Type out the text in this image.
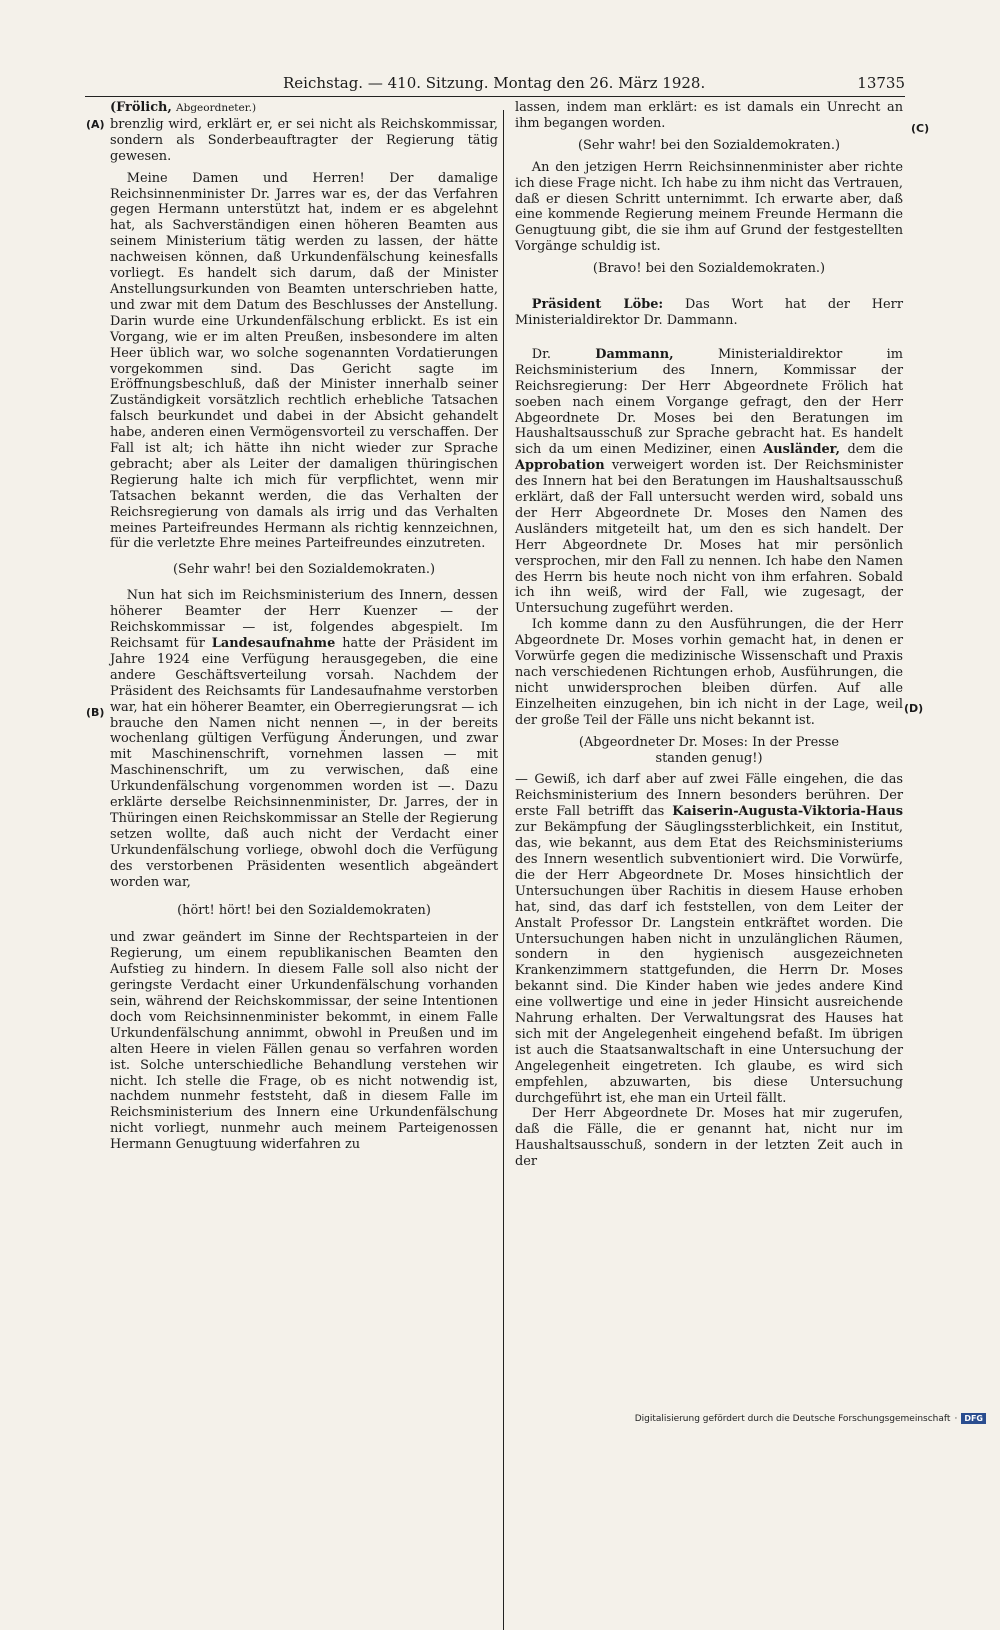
Reichstag. — 410. Sitzung. Montag den 26. März 1928.	13735
(A)
(B)
(C)
(D)

(Frölich, Abgeordneter.)

brenzlig wird, erklärt er, er sei nicht als Reichskommissar, sondern als Sonderbeauftragter der Regierung tätig gewesen.

Meine Damen und Herren! Der damalige Reichsinnenminister Dr. Jarres war es, der das Verfahren gegen Hermann unterstützt hat, indem er es abgelehnt hat, als Sachverständigen einen höheren Beamten aus seinem Ministerium tätig werden zu lassen, der hätte nachweisen können, daß Urkundenfälschung keinesfalls vorliegt. Es handelt sich darum, daß der Minister Anstellungsurkunden von Beamten unterschrieben hatte, und zwar mit dem Datum des Beschlusses der Anstellung. Darin wurde eine Urkundenfälschung erblickt. Es ist ein Vorgang, wie er im alten Preußen, insbesondere im alten Heer üblich war, wo solche sogenannten Vordatierungen vorgekommen sind. Das Gericht sagte im Eröffnungsbeschluß, daß der Minister innerhalb seiner Zuständigkeit vorsätzlich rechtlich erhebliche Tatsachen falsch beurkundet und dabei in der Absicht gehandelt habe, anderen einen Vermögensvorteil zu verschaffen. Der Fall ist alt; ich hätte ihn nicht wieder zur Sprache gebracht; aber als Leiter der damaligen thüringischen Regierung halte ich mich für verpflichtet, wenn mir Tatsachen bekannt werden, die das Verhalten der Reichsregierung von damals als irrig und das Verhalten meines Parteifreundes Hermann als richtig kennzeichnen, für die verletzte Ehre meines Parteifreundes einzutreten.

(Sehr wahr! bei den Sozialdemokraten.)

Nun hat sich im Reichsministerium des Innern, dessen höherer Beamter der Herr Kuenzer — der Reichskommissar — ist, folgendes abgespielt. Im Reichsamt für Landesaufnahme hatte der Präsident im Jahre 1924 eine Verfügung herausgegeben, die eine andere Geschäftsverteilung vorsah. Nachdem der Präsident des Reichsamts für Landesaufnahme verstorben war, hat ein höherer Beamter, ein Oberregierungsrat — ich brauche den Namen nicht nennen —, in der bereits wochenlang gültigen Verfügung Änderungen, und zwar mit Maschinenschrift, vornehmen lassen — mit Maschinenschrift, um zu verwischen, daß eine Urkundenfälschung vorgenommen worden ist —. Dazu erklärte derselbe Reichsinnenminister, Dr. Jarres, der in Thüringen einen Reichskommissar an Stelle der Regierung setzen wollte, daß auch nicht der Verdacht einer Urkundenfälschung vorliege, obwohl doch die Verfügung des verstorbenen Präsidenten wesentlich abgeändert worden war,

(hört! hört! bei den Sozialdemokraten)

und zwar geändert im Sinne der Rechtsparteien in der Regierung, um einem republikanischen Beamten den Aufstieg zu hindern. In diesem Falle soll also nicht der geringste Verdacht einer Urkundenfälschung vorhanden sein, während der Reichskommissar, der seine Intentionen doch vom Reichsinnenminister bekommt, in einem Falle Urkundenfälschung annimmt, obwohl in Preußen und im alten Heere in vielen Fällen genau so verfahren worden ist. Solche unterschiedliche Behandlung verstehen wir nicht. Ich stelle die Frage, ob es nicht notwendig ist, nachdem nunmehr feststeht, daß in diesem Falle im Reichsministerium des Innern eine Urkundenfälschung nicht vorliegt, nunmehr auch meinem Parteigenossen Hermann Genugtuung widerfahren zu

lassen, indem man erklärt: es ist damals ein Unrecht an ihm begangen worden.

(Sehr wahr! bei den Sozialdemokraten.)

An den jetzigen Herrn Reichsinnenminister aber richte ich diese Frage nicht. Ich habe zu ihm nicht das Vertrauen, daß er diesen Schritt unternimmt. Ich erwarte aber, daß eine kommende Regierung meinem Freunde Hermann die Genugtuung gibt, die sie ihm auf Grund der festgestellten Vorgänge schuldig ist.

(Bravo! bei den Sozialdemokraten.)

Präsident Löbe: Das Wort hat der Herr Ministerialdirektor Dr. Dammann.

Dr. Dammann, Ministerialdirektor im Reichsministerium des Innern, Kommissar der Reichsregierung: Der Herr Abgeordnete Frölich hat soeben nach einem Vorgange gefragt, den der Herr Abgeordnete Dr. Moses bei den Beratungen im Haushaltsausschuß zur Sprache gebracht hat. Es handelt sich da um einen Mediziner, einen Ausländer, dem die Approbation verweigert worden ist. Der Reichsminister des Innern hat bei den Beratungen im Haushaltsausschuß erklärt, daß der Fall untersucht werden wird, sobald uns der Herr Abgeordnete Dr. Moses den Namen des Ausländers mitgeteilt hat, um den es sich handelt. Der Herr Abgeordnete Dr. Moses hat mir persönlich versprochen, mir den Fall zu nennen. Ich habe den Namen des Herrn bis heute noch nicht von ihm erfahren. Sobald ich ihn weiß, wird der Fall, wie zugesagt, der Untersuchung zugeführt werden.

Ich komme dann zu den Ausführungen, die der Herr Abgeordnete Dr. Moses vorhin gemacht hat, in denen er Vorwürfe gegen die medizinische Wissenschaft und Praxis nach verschiedenen Richtungen erhob, Ausführungen, die nicht unwidersprochen bleiben dürfen. Auf alle Einzelheiten einzugehen, bin ich nicht in der Lage, weil der große Teil der Fälle uns nicht bekannt ist.

(Abgeordneter Dr. Moses: In der Presse standen genug!)

— Gewiß, ich darf aber auf zwei Fälle eingehen, die das Reichsministerium des Innern besonders berühren. Der erste Fall betrifft das Kaiserin-Augusta-Viktoria-Haus zur Bekämpfung der Säuglingssterblichkeit, ein Institut, das, wie bekannt, aus dem Etat des Reichsministeriums des Innern wesentlich subventioniert wird. Die Vorwürfe, die der Herr Abgeordnete Dr. Moses hinsichtlich der Untersuchungen über Rachitis in diesem Hause erhoben hat, sind, das darf ich feststellen, von dem Leiter der Anstalt Professor Dr. Langstein entkräftet worden. Die Untersuchungen haben nicht in unzulänglichen Räumen, sondern in den hygienisch ausgezeichneten Krankenzimmern stattgefunden, die Herrn Dr. Moses bekannt sind. Die Kinder haben wie jedes andere Kind eine vollwertige und eine in jeder Hinsicht ausreichende Nahrung erhalten. Der Verwaltungsrat des Hauses hat sich mit der Angelegenheit eingehend befaßt. Im übrigen ist auch die Staatsanwaltschaft in eine Untersuchung der Angelegenheit eingetreten. Ich glaube, es wird sich empfehlen, abzuwarten, bis diese Untersuchung durchgeführt ist, ehe man ein Urteil fällt.

Der Herr Abgeordnete Dr. Moses hat mir zugerufen, daß die Fälle, die er genannt hat, nicht nur im Haushaltsausschuß, sondern in der letzten Zeit auch in der

Digitalisierung gefördert durch die Deutsche Forschungsgemeinschaft · DFG
